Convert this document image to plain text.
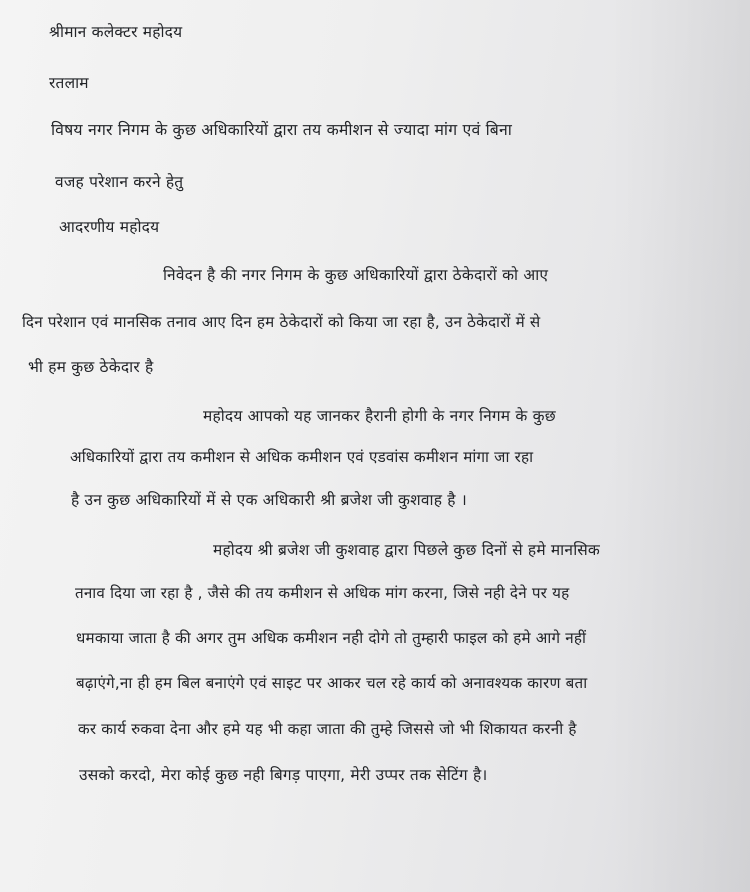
श्रीमान कलेक्टर महोदय

रतलाम

विषय नगर निगम के कुछ अधिकारियों द्वारा तय कमीशन से ज्यादा मांग एवं बिना

वजह परेशान करने हेतु

आदरणीय महोदय

निवेदन है की नगर निगम के कुछ अधिकारियों द्वारा ठेकेदारों को आए

दिन परेशान एवं मानसिक तनाव आए दिन हम ठेकेदारों को किया जा रहा है, उन ठेकेदारों में से

भी हम कुछ ठेकेदार है

महोदय आपको यह जानकर हैरानी होगी के नगर निगम के कुछ

अधिकारियों द्वारा तय कमीशन से अधिक कमीशन एवं एडवांस कमीशन मांगा जा रहा

है उन कुछ अधिकारियों में से एक अधिकारी श्री ब्रजेश जी कुशवाह है ।

महोदय श्री ब्रजेश जी कुशवाह द्वारा पिछले कुछ दिनों से हमे मानसिक

तनाव दिया जा रहा है , जैसे की तय कमीशन से अधिक मांग करना, जिसे नही देने पर यह

धमकाया जाता है की अगर तुम अधिक कमीशन नही दोगे तो तुम्हारी फाइल को हमे आगे नहीं

बढ़ाएंगे,ना ही हम बिल बनाएंगे एवं साइट पर आकर चल रहे कार्य को अनावश्यक कारण बता

कर कार्य रुकवा देना और हमे यह भी कहा जाता की तुम्हे जिससे जो भी शिकायत करनी है

उसको करदो, मेरा कोई कुछ नही बिगड़ पाएगा, मेरी उप्पर तक सेटिंग है।
